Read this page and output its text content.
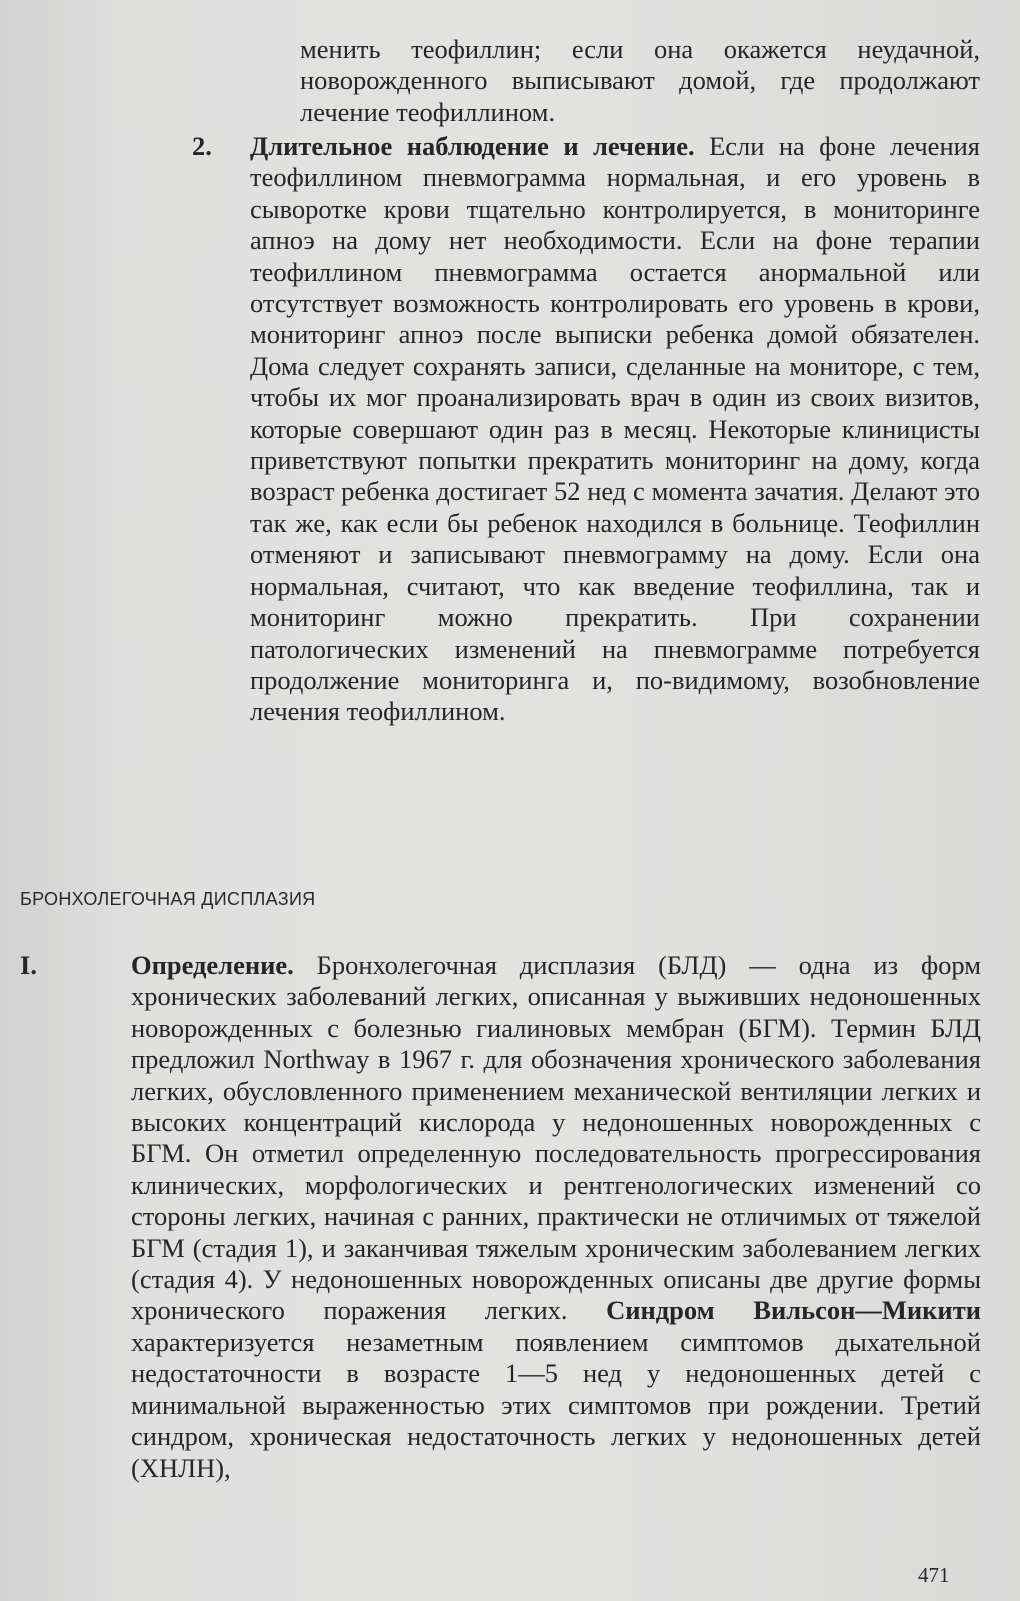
менить теофиллин; если она окажется неудачной, новорожденного выписывают домой, где продолжают лечение теофиллином.
2. Длительное наблюдение и лечение. Если на фоне лечения теофиллином пневмограмма нормальная, и его уровень в сыворотке крови тщательно контролируется, в мониторинге апноэ на дому нет необходимости. Если на фоне терапии теофиллином пневмограмма остается анормальной или отсутствует возможность контролировать его уровень в крови, мониторинг апноэ после выписки ребенка домой обязателен. Дома следует сохранять записи, сделанные на мониторе, с тем, чтобы их мог проанализировать врач в один из своих визитов, которые совершают один раз в месяц. Некоторые клиницисты приветствуют попытки прекратить мониторинг на дому, когда возраст ребенка достигает 52 нед с момента зачатия. Делают это так же, как если бы ребенок находился в больнице. Теофиллин отменяют и записывают пневмограмму на дому. Если она нормальная, считают, что как введение теофиллина, так и мониторинг можно прекратить. При сохранении патологических изменений на пневмограмме потребуется продолжение мониторинга и, по-видимому, возобновление лечения теофиллином.
БРОНХОЛЕГОЧНАЯ ДИСПЛАЗИЯ
I.	Определение. Бронхолегочная дисплазия (БЛД) — одна из форм хронических заболеваний легких, описанная у выживших недоношенных новорожденных с болезнью гиалиновых мембран (БГМ). Термин БЛД предложил Northway в 1967 г. для обозначения хронического заболевания легких, обусловленного применением механической вентиляции легких и высоких концентраций кислорода у недоношенных новорожденных с БГМ. Он отметил определенную последовательность прогрессирования клинических, морфологических и рентгенологических изменений со стороны легких, начиная с ранних, практически не отличимых от тяжелой БГМ (стадия 1), и заканчивая тяжелым хроническим заболеванием легких (стадия 4). У недоношенных новорожденных описаны две другие формы хронического поражения легких. Синдром Вильсон—Микити характеризуется незаметным появлением симптомов дыхательной недостаточности в возрасте 1—5 нед у недоношенных детей с минимальной выраженностью этих симптомов при рождении. Третий синдром, хроническая недостаточность легких у недоношенных детей (ХНЛН),
471
